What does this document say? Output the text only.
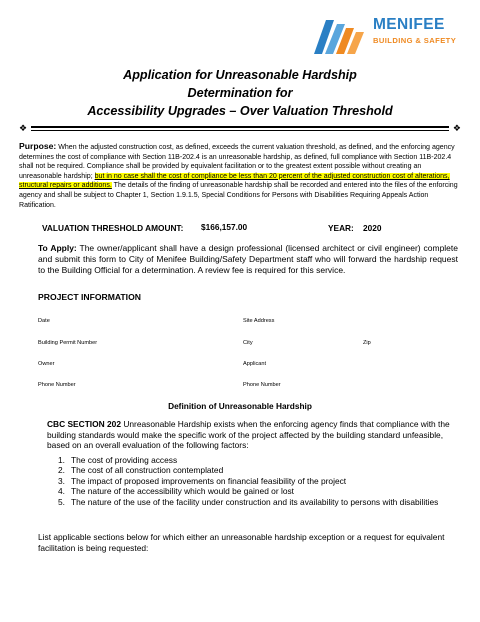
MENIFEE
BUILDING & SAFETY
Application for Unreasonable Hardship
Determination for
Accessibility Upgrades – Over Valuation Threshold
❖	❖
Purpose: When the adjusted construction cost, as defined, exceeds the current valuation threshold, as defined, and the enforcing agency determines the cost of compliance with Section 11B-202.4 is an unreasonable hardship, as defined, full compliance with Section 11B-202.4 shall not be required. Compliance shall be provided by equivalent facilitation or to the greatest extent possible without creating an unreasonable hardship; but in no case shall the cost of compliance be less than 20 percent of the adjusted construction cost of alterations, structural repairs or additions. The details of the finding of unreasonable hardship shall be recorded and entered into the files of the enforcing agency and shall be subject to Chapter 1, Section 1.9.1.5, Special Conditions for Persons with Disabilities Requiring Appeals Action Ratification.
VALUATION THRESHOLD AMOUNT: $166,157.00	YEAR: 2020
To Apply: The owner/applicant shall have a design professional (licensed architect or civil engineer) complete and submit this form to City of Menifee Building/Safety Department staff who will forward the hardship request to the Building Official for a determination. A review fee is required for this service.
PROJECT INFORMATION
Date	Site Address
Building Permit Number	City	Zip
Owner	Applicant
Phone Number	Phone Number
Definition of Unreasonable Hardship
CBC SECTION 202 Unreasonable Hardship exists when the enforcing agency finds that compliance with the building standards would make the specific work of the project affected by the building standard unfeasible, based on an overall evaluation of the following factors:
1. The cost of providing access
2. The cost of all construction contemplated
3. The impact of proposed improvements on financial feasibility of the project
4. The nature of the accessibility which would be gained or lost
5. The nature of the use of the facility under construction and its availability to persons with disabilities
List applicable sections below for which either an unreasonable hardship exception or a request for equivalent facilitation is being requested:
